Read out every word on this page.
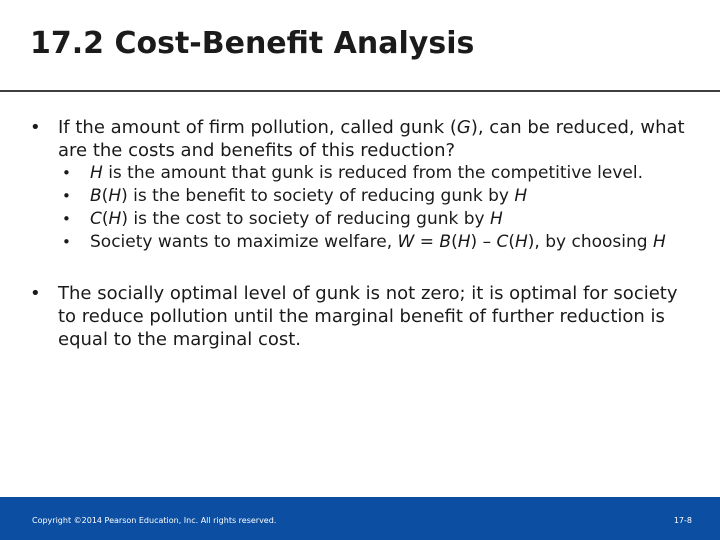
17.2 Cost-Benefit Analysis
• If the amount of firm pollution, called gunk (G), can be reduced, what are the costs and benefits of this reduction?
• H is the amount that gunk is reduced from the competitive level.
• B(H) is the benefit to society of reducing gunk by H
• C(H) is the cost to society of reducing gunk by H
• Society wants to maximize welfare, W = B(H) – C(H), by choosing H
• The socially optimal level of gunk is not zero; it is optimal for society to reduce pollution until the marginal benefit of further reduction is equal to the marginal cost.
Copyright ©2014 Pearson Education, Inc. All rights reserved.	17-8
